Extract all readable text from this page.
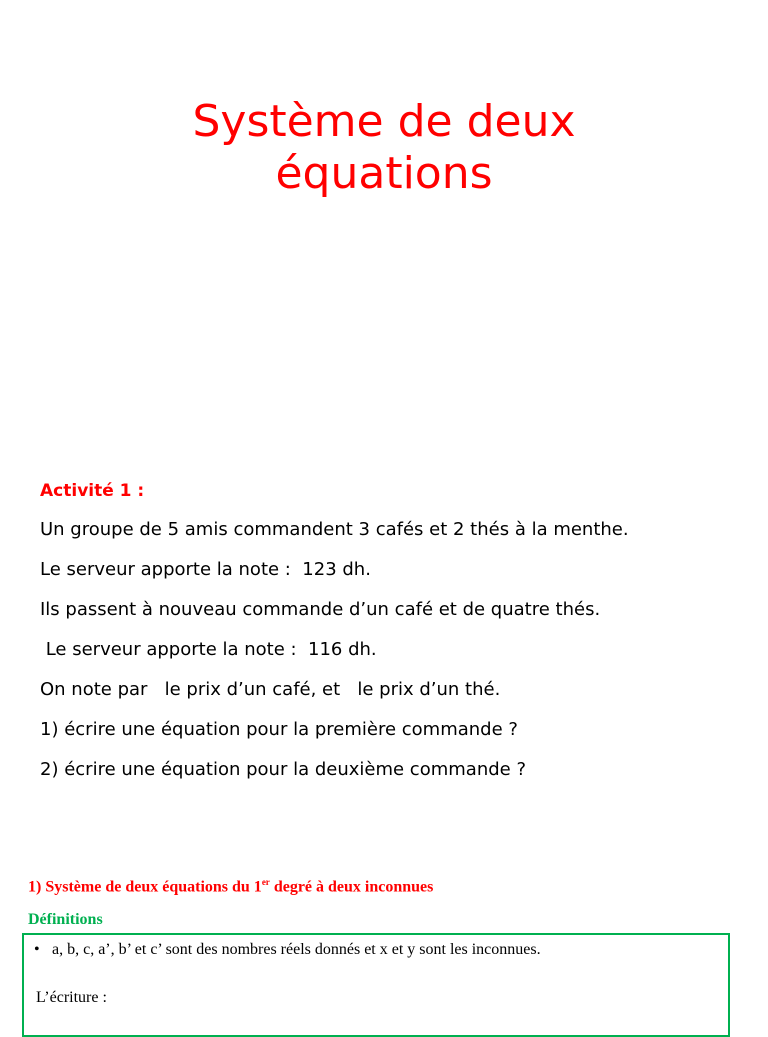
Système de deux
équations
Activité 1 :
Un groupe de 5 amis commandent 3 cafés et 2 thés à la menthe.
Le serveur apporte la note :  123 dh.
Ils passent à nouveau commande d’un café et de quatre thés.
Le serveur apporte la note :  116 dh.
On note par   le prix d’un café, et   le prix d’un thé.
1) écrire une équation pour la première commande ?
2) écrire une équation pour la deuxième commande ?
1) Système de deux équations du 1er degré à deux inconnues
Définitions
• a, b, c, a’, b’ et c’ sont des nombres réels donnés et x et y sont les inconnues.
L’écriture :
